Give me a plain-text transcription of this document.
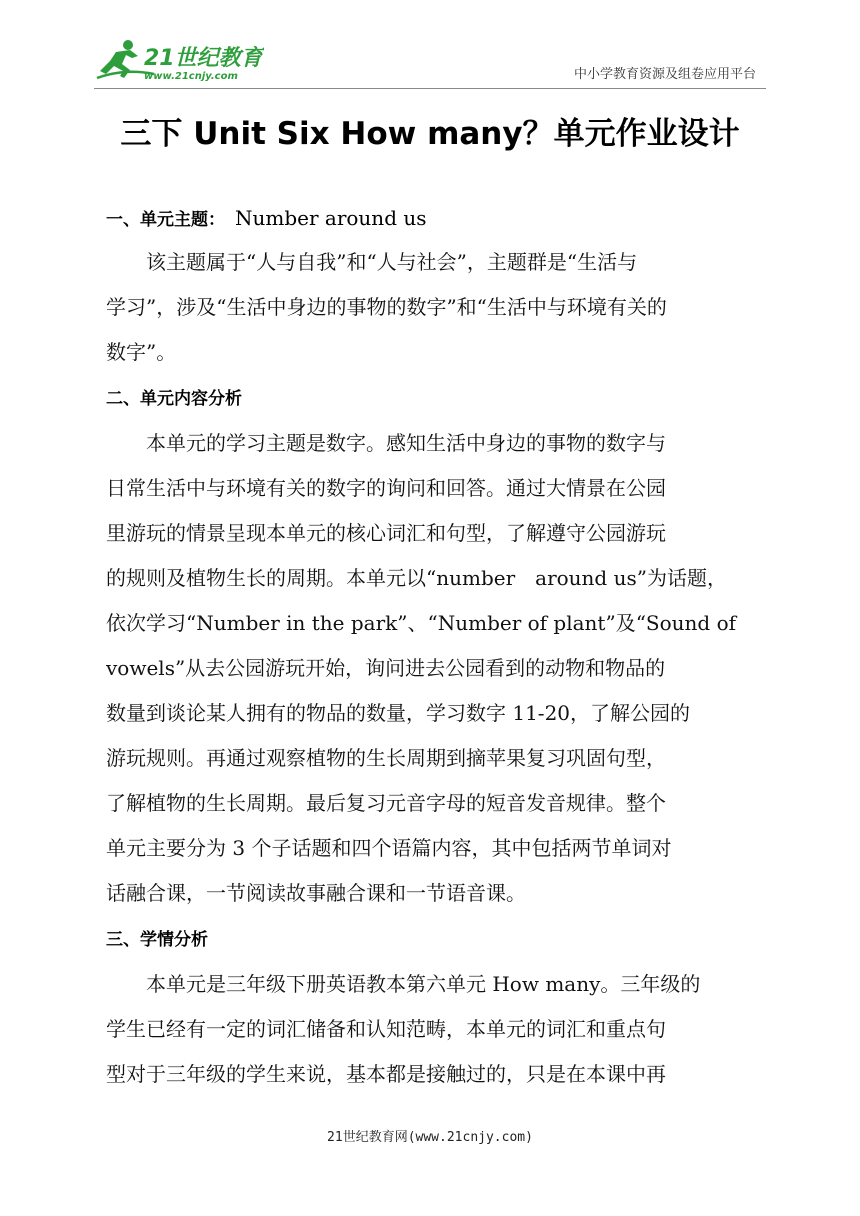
21世纪教育
www.21cnjy.com	中小学教育资源及组卷应用平台
三下 Unit Six How many？单元作业设计
一、单元主题： Number around us
　　该主题属于“人与自我”和“人与社会”，主题群是“生活与
学习”，涉及“生活中身边的事物的数字”和“生活中与环境有关的
数字”。
二、单元内容分析
　　本单元的学习主题是数字。感知生活中身边的事物的数字与
日常生活中与环境有关的数字的询问和回答。通过大情景在公园
里游玩的情景呈现本单元的核心词汇和句型，了解遵守公园游玩
的规则及植物生长的周期。本单元以“number　around us”为话题，
依次学习“Number in the park”、“Number of plant”及“Sound of
vowels”从去公园游玩开始，询问进去公园看到的动物和物品的
数量到谈论某人拥有的物品的数量，学习数字 11-20，了解公园的
游玩规则。再通过观察植物的生长周期到摘苹果复习巩固句型，
了解植物的生长周期。最后复习元音字母的短音发音规律。整个
单元主要分为 3 个子话题和四个语篇内容，其中包括两节单词对
话融合课，一节阅读故事融合课和一节语音课。
三、学情分析
　　本单元是三年级下册英语教本第六单元 How many。三年级的
学生已经有一定的词汇储备和认知范畴，本单元的词汇和重点句
型对于三年级的学生来说，基本都是接触过的，只是在本课中再
21世纪教育网(www.21cnjy.com)
